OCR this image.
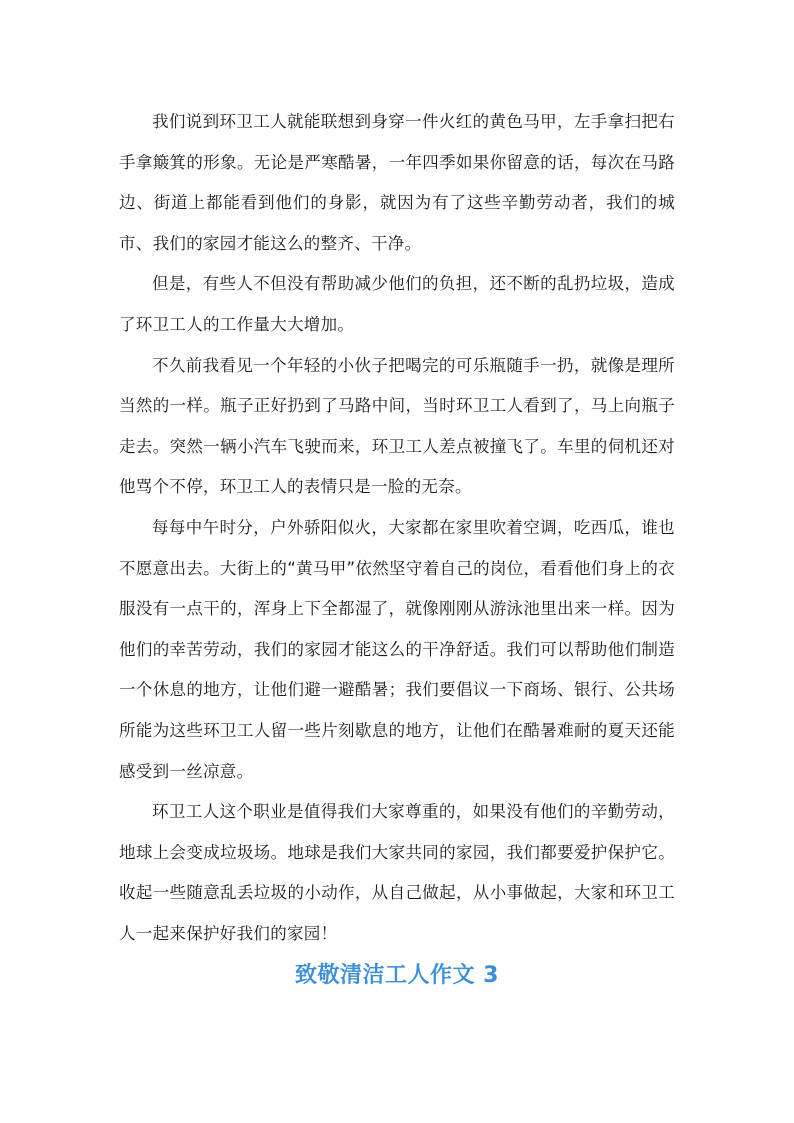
我们说到环卫工人就能联想到身穿一件火红的黄色马甲，左手拿扫把右手拿簸箕的形象。无论是严寒酷暑，一年四季如果你留意的话，每次在马路边、街道上都能看到他们的身影，就因为有了这些辛勤劳动者，我们的城市、我们的家园才能这么的整齐、干净。

但是，有些人不但没有帮助减少他们的负担，还不断的乱扔垃圾，造成了环卫工人的工作量大大增加。

不久前我看见一个年轻的小伙子把喝完的可乐瓶随手一扔，就像是理所当然的一样。瓶子正好扔到了马路中间，当时环卫工人看到了，马上向瓶子走去。突然一辆小汽车飞驶而来，环卫工人差点被撞飞了。车里的伺机还对他骂个不停，环卫工人的表情只是一脸的无奈。

每每中午时分，户外骄阳似火，大家都在家里吹着空调，吃西瓜，谁也不愿意出去。大街上的“黄马甲”依然坚守着自己的岗位，看看他们身上的衣服没有一点干的，浑身上下全都湿了，就像刚刚从游泳池里出来一样。因为他们的幸苦劳动，我们的家园才能这么的干净舒适。我们可以帮助他们制造一个休息的地方，让他们避一避酷暑；我们要倡议一下商场、银行、公共场所能为这些环卫工人留一些片刻歇息的地方，让他们在酷暑难耐的夏天还能感受到一丝凉意。

环卫工人这个职业是值得我们大家尊重的，如果没有他们的辛勤劳动，地球上会变成垃圾场。地球是我们大家共同的家园，我们都要爱护保护它。收起一些随意乱丢垃圾的小动作，从自己做起，从小事做起，大家和环卫工人一起来保护好我们的家园！

致敬清洁工人作文 3
